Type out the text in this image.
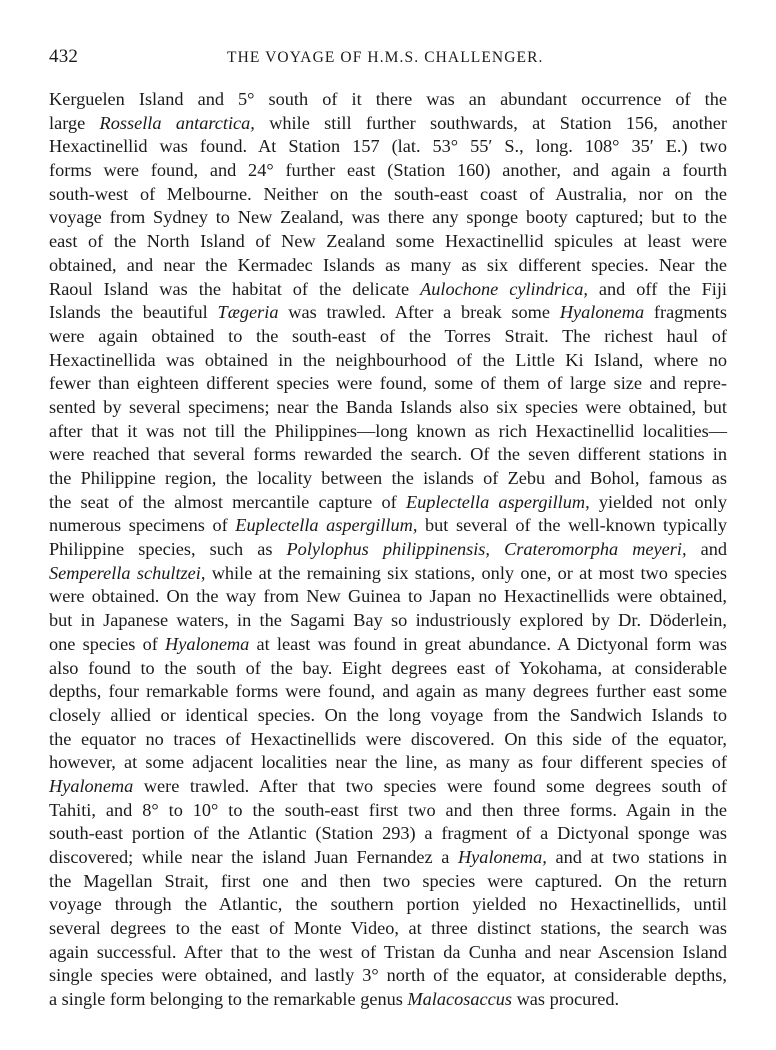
432	THE VOYAGE OF H.M.S. CHALLENGER.
Kerguelen Island and 5° south of it there was an abundant occurrence of the
large Rossella antarctica, while still further southwards, at Station 156, another
Hexactinellid was found. At Station 157 (lat. 53° 55′ S., long. 108° 35′ E.) two
forms were found, and 24° further east (Station 160) another, and again a fourth
south-west of Melbourne. Neither on the south-east coast of Australia, nor on the
voyage from Sydney to New Zealand, was there any sponge booty captured; but to the
east of the North Island of New Zealand some Hexactinellid spicules at least were
obtained, and near the Kermadec Islands as many as six different species. Near the
Raoul Island was the habitat of the delicate Aulochone cylindrica, and off the Fiji
Islands the beautiful Tægeria was trawled. After a break some Hyalonema fragments
were again obtained to the south-east of the Torres Strait. The richest haul of
Hexactinellida was obtained in the neighbourhood of the Little Ki Island, where no
fewer than eighteen different species were found, some of them of large size and repre-
sented by several specimens; near the Banda Islands also six species were obtained, but
after that it was not till the Philippines—long known as rich Hexactinellid localities—
were reached that several forms rewarded the search. Of the seven different stations in
the Philippine region, the locality between the islands of Zebu and Bohol, famous as
the seat of the almost mercantile capture of Euplectella aspergillum, yielded not only
numerous specimens of Euplectella aspergillum, but several of the well-known typically
Philippine species, such as Polylophus philippinensis, Crateromorpha meyeri, and
Semperella schultzei, while at the remaining six stations, only one, or at most two species
were obtained. On the way from New Guinea to Japan no Hexactinellids were obtained,
but in Japanese waters, in the Sagami Bay so industriously explored by Dr. Döderlein,
one species of Hyalonema at least was found in great abundance. A Dictyonal form was
also found to the south of the bay. Eight degrees east of Yokohama, at considerable
depths, four remarkable forms were found, and again as many degrees further east some
closely allied or identical species. On the long voyage from the Sandwich Islands to
the equator no traces of Hexactinellids were discovered. On this side of the equator,
however, at some adjacent localities near the line, as many as four different species of
Hyalonema were trawled. After that two species were found some degrees south of
Tahiti, and 8° to 10° to the south-east first two and then three forms. Again in the
south-east portion of the Atlantic (Station 293) a fragment of a Dictyonal sponge was
discovered; while near the island Juan Fernandez a Hyalonema, and at two stations in
the Magellan Strait, first one and then two species were captured. On the return
voyage through the Atlantic, the southern portion yielded no Hexactinellids, until
several degrees to the east of Monte Video, at three distinct stations, the search was
again successful. After that to the west of Tristan da Cunha and near Ascension Island
single species were obtained, and lastly 3° north of the equator, at considerable depths,
a single form belonging to the remarkable genus Malacosaccus was procured.
